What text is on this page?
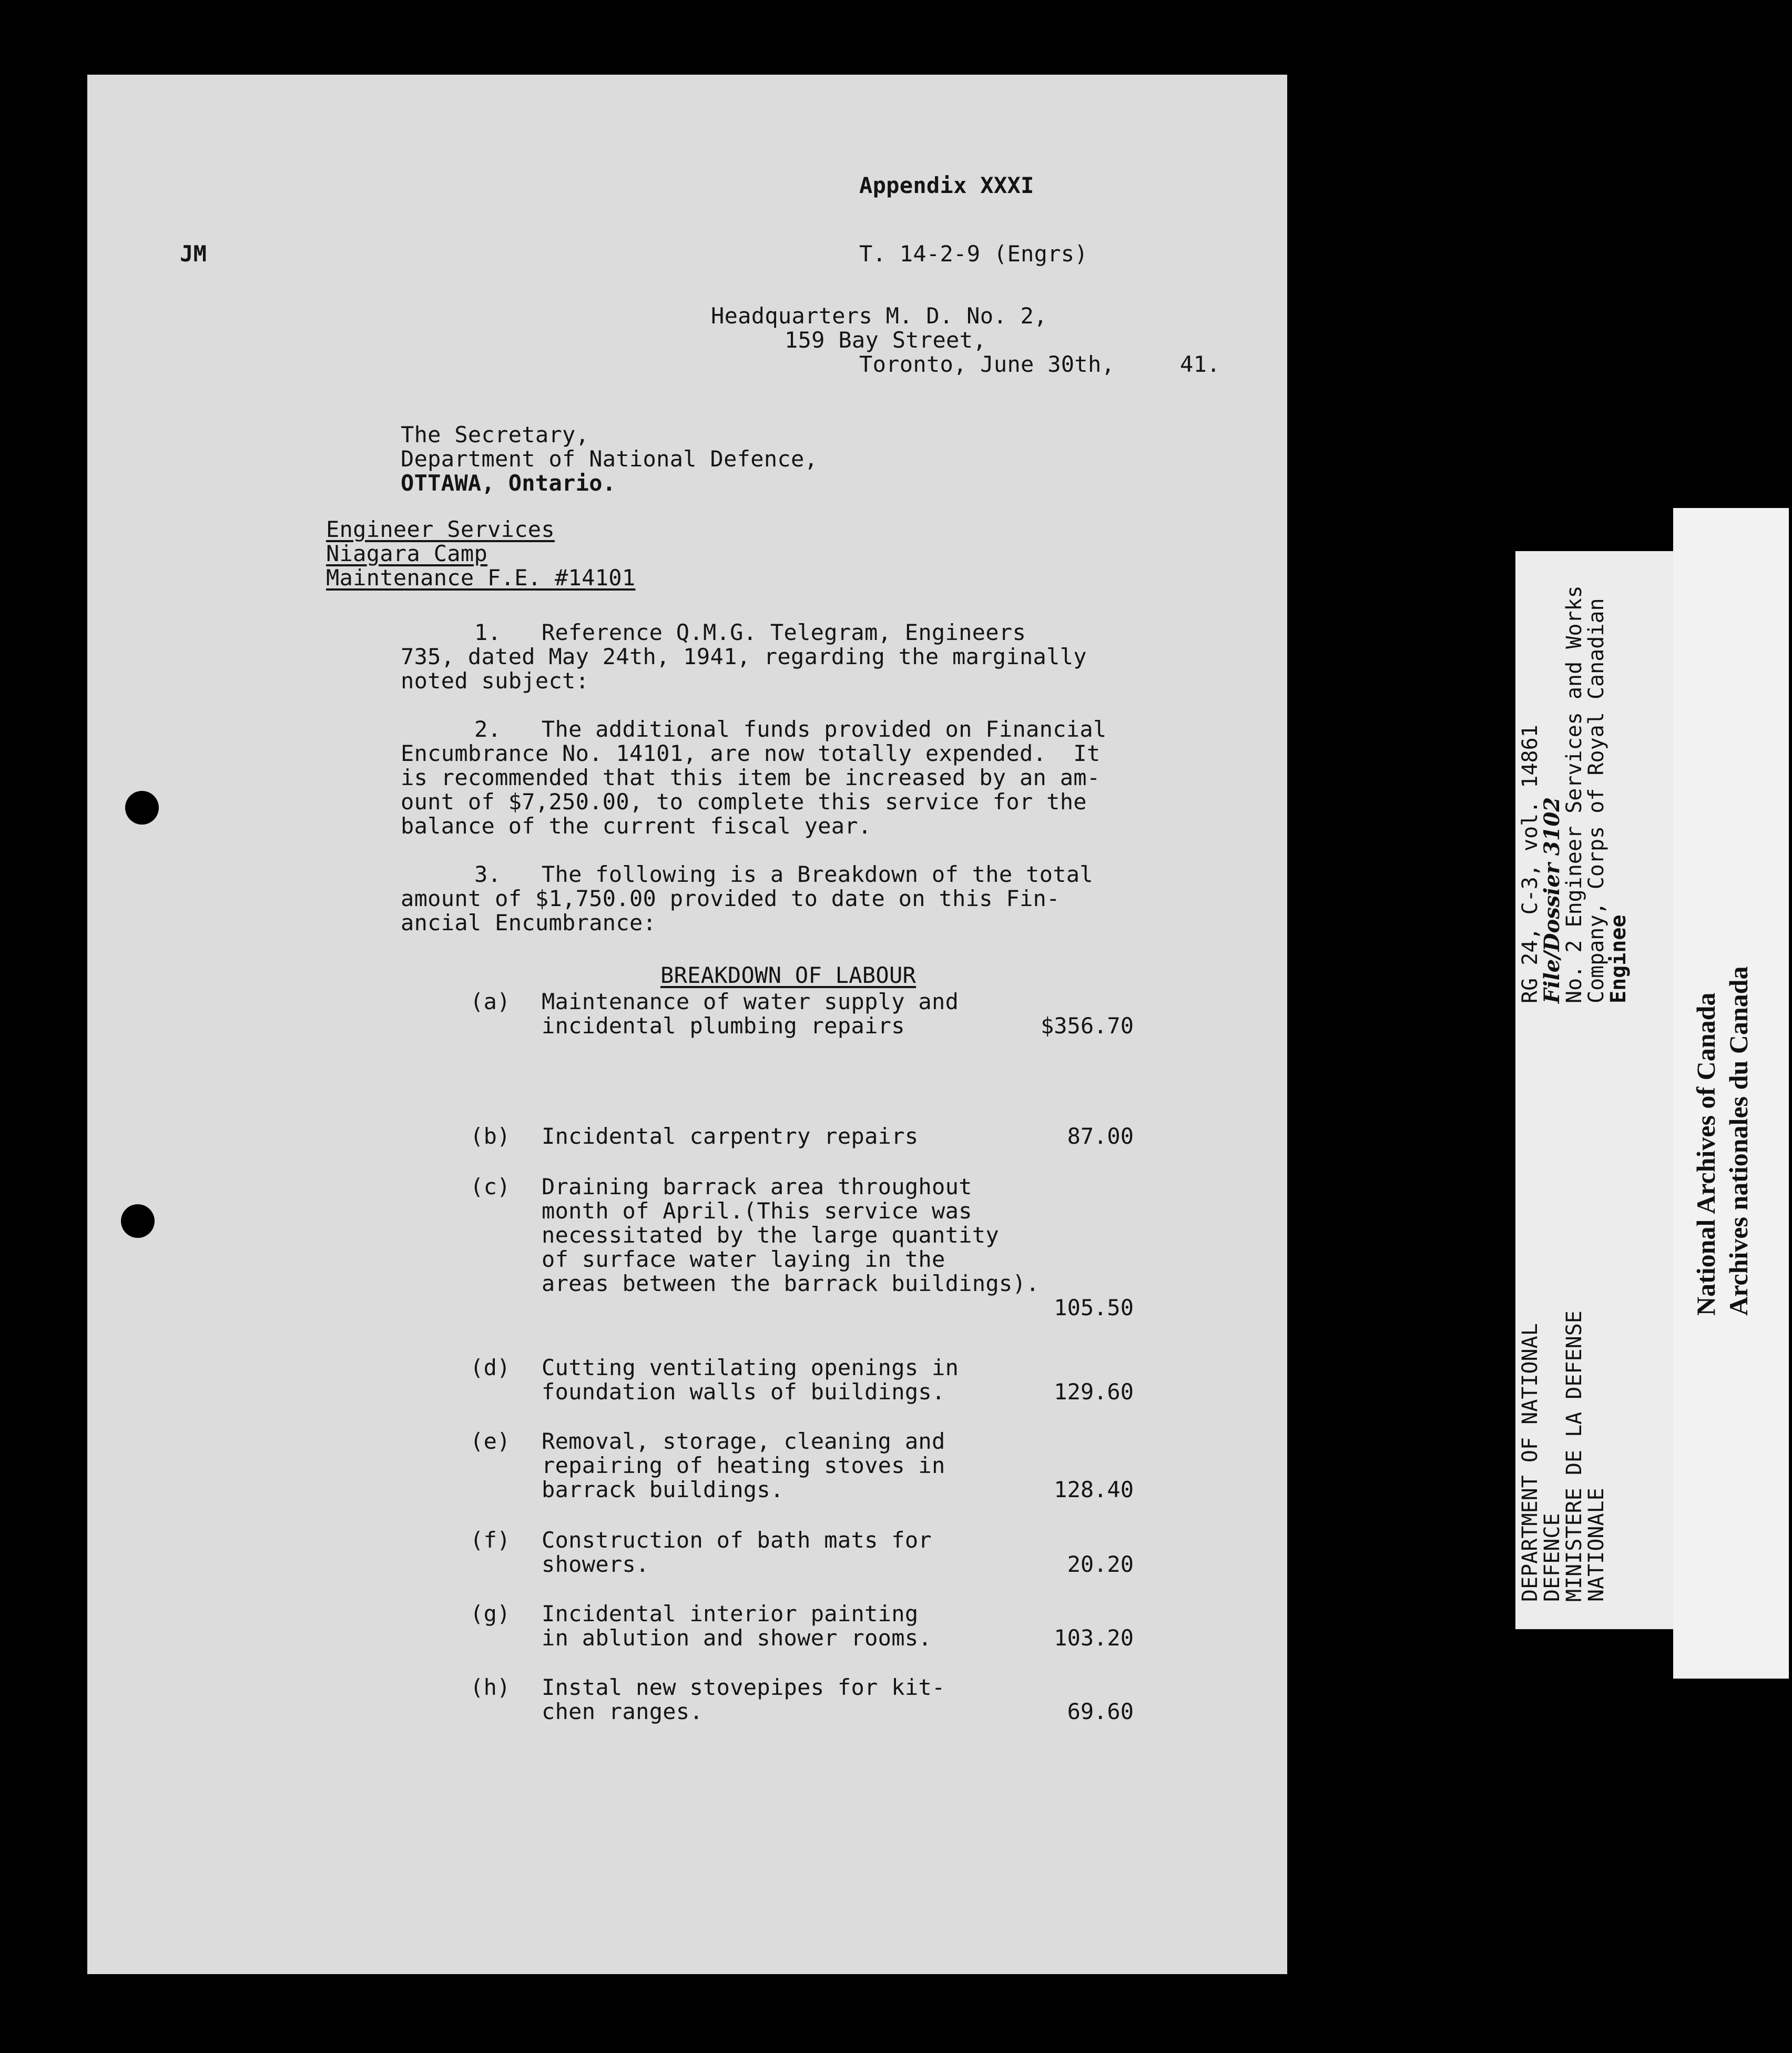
Appendix XXXI
JM	T. 14-2-9 (Engrs)
Headquarters M. D. No. 2,
159 Bay Street,
Toronto, June 30th,	41.
The Secretary,
Department of National Defence,
OTTAWA, Ontario.
Engineer Services
Niagara Camp
Maintenance F.E. #14101
1.   Reference Q.M.G. Telegram, Engineers
735, dated May 24th, 1941, regarding the marginally
noted subject:
2.   The additional funds provided on Financial
Encumbrance No. 14101, are now totally expended.  It
is recommended that this item be increased by an am-
ount of $7,250.00, to complete this service for the
balance of the current fiscal year.
3.   The following is a Breakdown of the total
amount of $1,750.00 provided to date on this Fin-
ancial Encumbrance:
BREAKDOWN OF LABOUR
(a) Maintenance of water supply and
incidental plumbing repairs	$356.70
(b) Incidental carpentry repairs	87.00
(c) Draining barrack area throughout
month of April.(This service was
necessitated by the large quantity
of surface water laying in the
areas between the barrack buildings).
105.50
(d) Cutting ventilating openings in
foundation walls of buildings.	129.60
(e) Removal, storage, cleaning and
repairing of heating stoves in
barrack buildings.	128.40
(f) Construction of bath mats for
showers.	20.20
(g) Incidental interior painting
in ablution and shower rooms.	103.20
(h) Instal new stovepipes for kit-
chen ranges.	69.60
DEPARTMENT OF NATIONAL
DEFENCE
MINISTERE DE LA DEFENSE
NATIONALE
RG 24, C-3, vol. 14861
File/Dossier 3102
No. 2 Engineer Services and Works
Company, Corps of Royal Canadian
Enginee
National Archives of Canada Archives nationales du Canada
